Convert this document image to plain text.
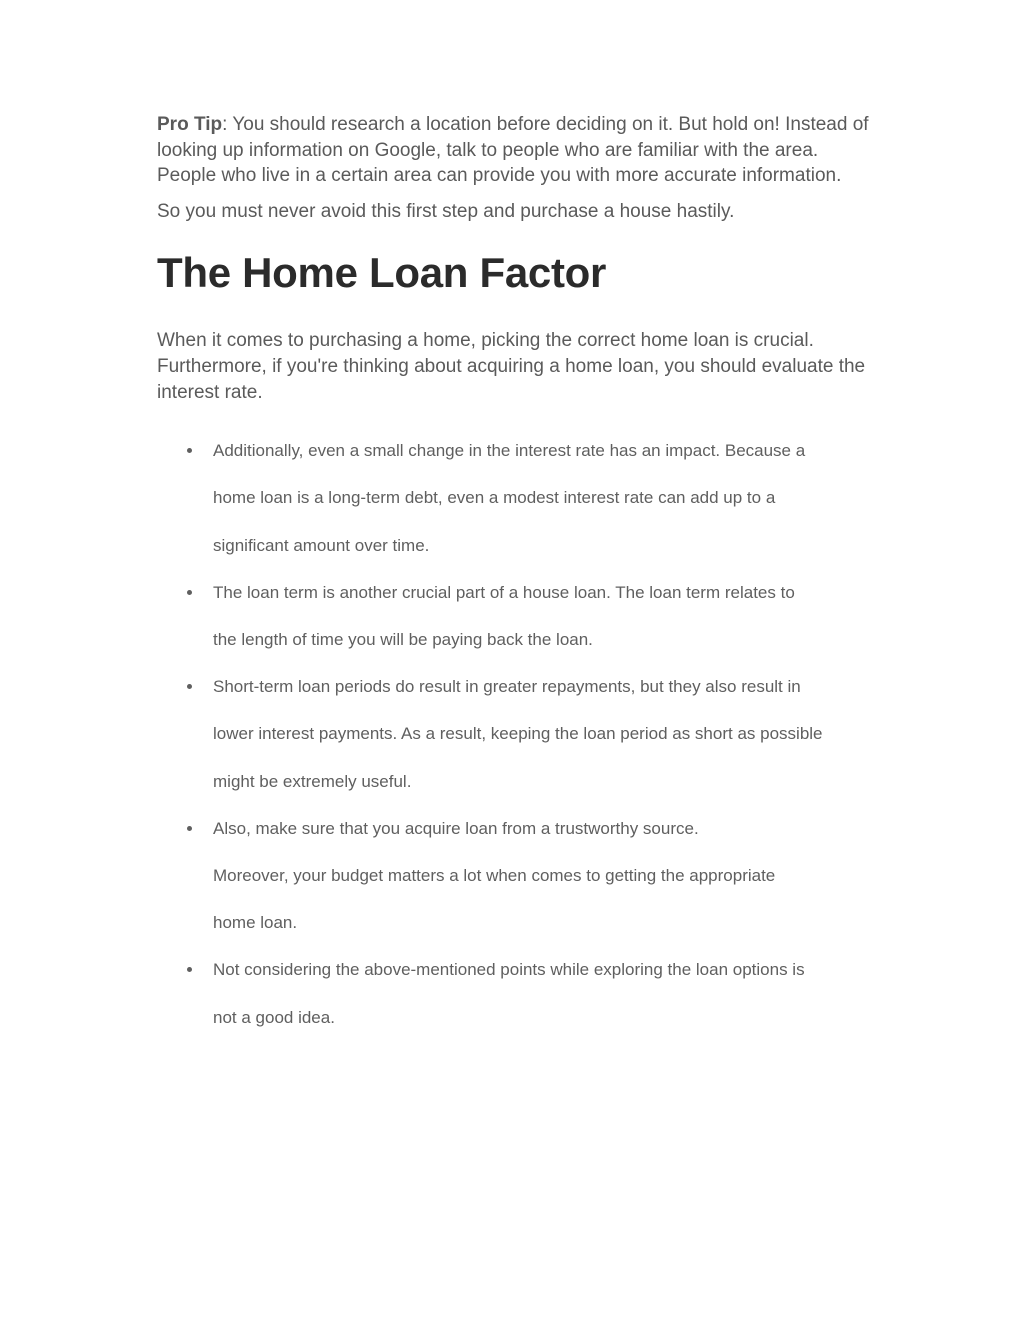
Pro Tip: You should research a location before deciding on it. But hold on! Instead of looking up information on Google, talk to people who are familiar with the area. People who live in a certain area can provide you with more accurate information.

So you must never avoid this first step and purchase a house hastily.

The Home Loan Factor

When it comes to purchasing a home, picking the correct home loan is crucial. Furthermore, if you're thinking about acquiring a home loan, you should evaluate the interest rate.

Additionally, even a small change in the interest rate has an impact. Because a
home loan is a long-term debt, even a modest interest rate can add up to a
significant amount over time.
The loan term is another crucial part of a house loan. The loan term relates to
the length of time you will be paying back the loan.
Short-term loan periods do result in greater repayments, but they also result in
lower interest payments. As a result, keeping the loan period as short as possible
might be extremely useful.
Also, make sure that you acquire loan from a trustworthy source.
Moreover, your budget matters a lot when comes to getting the appropriate
home loan.
Not considering the above-mentioned points while exploring the loan options is
not a good idea.
